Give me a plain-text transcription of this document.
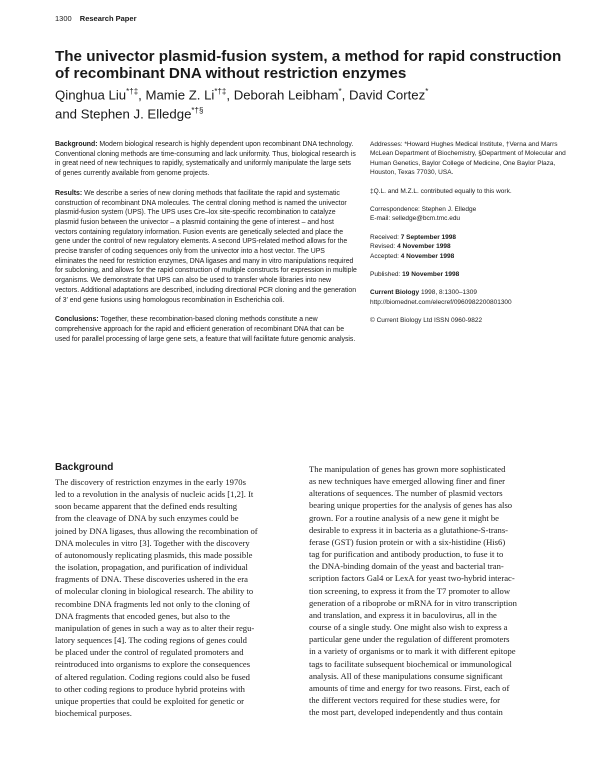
1300 Research Paper
The univector plasmid-fusion system, a method for rapid construction of recombinant DNA without restriction enzymes
Qinghua Liu*†‡, Mamie Z. Li*†‡, Deborah Leibham*, David Cortez*
and Stephen J. Elledge*†§

Background: Modern biological research is highly dependent upon recombinant DNA technology. Conventional cloning methods are time-consuming and lack uniformity. Thus, biological research is in great need of new techniques to rapidly, systematically and uniformly manipulate the large sets of genes currently available from genome projects.

Results: We describe a series of new cloning methods that facilitate the rapid and systematic construction of recombinant DNA molecules. The central cloning method is named the univector plasmid-fusion system (UPS). The UPS uses Cre–lox site-specific recombination to catalyze plasmid fusion between the univector – a plasmid containing the gene of interest – and host vectors containing regulatory information. Fusion events are genetically selected and place the gene under the control of new regulatory elements. A second UPS-related method allows for the precise transfer of coding sequences only from the univector into a host vector. The UPS eliminates the need for restriction enzymes, DNA ligases and many in vitro manipulations required for subcloning, and allows for the rapid construction of multiple constructs for expression in multiple organisms. We demonstrate that UPS can also be used to transfer whole libraries into new vectors. Additional adaptations are described, including directional PCR cloning and the generation of 3′ end gene fusions using homologous recombination in Escherichia coli.

Conclusions: Together, these recombination-based cloning methods constitute a new comprehensive approach for the rapid and efficient generation of recombinant DNA that can be used for parallel processing of large gene sets, a feature that will facilitate future genomic analysis.

Addresses: *Howard Hughes Medical Institute, †Verna and Marrs McLean Department of Biochemistry, §Department of Molecular and Human Genetics, Baylor College of Medicine, One Baylor Plaza, Houston, Texas 77030, USA.

‡Q.L. and M.Z.L. contributed equally to this work.

Correspondence: Stephen J. Elledge
E-mail: selledge@bcm.tmc.edu

Received: 7 September 1998
Revised: 4 November 1998
Accepted: 4 November 1998

Published: 19 November 1998

Current Biology 1998, 8:1300–1309
http://biomednet.com/elecref/0960982200801300

© Current Biology Ltd ISSN 0960-9822

Background
The discovery of restriction enzymes in the early 1970s
led to a revolution in the analysis of nucleic acids [1,2]. It
soon became apparent that the defined ends resulting
from the cleavage of DNA by such enzymes could be
joined by DNA ligases, thus allowing the recombination of
DNA molecules in vitro [3]. Together with the discovery
of autonomously replicating plasmids, this made possible
the isolation, propagation, and purification of individual
fragments of DNA. These discoveries ushered in the era
of molecular cloning in biological research. The ability to
recombine DNA fragments led not only to the cloning of
DNA fragments that encoded genes, but also to the
manipulation of genes in such a way as to alter their regu-
latory sequences [4]. The coding regions of genes could
be placed under the control of regulated promoters and
reintroduced into organisms to explore the consequences
of altered regulation. Coding regions could also be fused
to other coding regions to produce hybrid proteins with
unique properties that could be exploited for genetic or
biochemical purposes.
The manipulation of genes has grown more sophisticated
as new techniques have emerged allowing finer and finer
alterations of sequences. The number of plasmid vectors
bearing unique properties for the analysis of genes has also
grown. For a routine analysis of a new gene it might be
desirable to express it in bacteria as a glutathione-S-trans-
ferase (GST) fusion protein or with a six-histidine (His6)
tag for purification and antibody production, to fuse it to
the DNA-binding domain of the yeast and bacterial tran-
scription factors Gal4 or LexA for yeast two-hybrid interac-
tion screening, to express it from the T7 promoter to allow
generation of a riboprobe or mRNA for in vitro transcription
and translation, and express it in baculovirus, all in the
course of a single study. One might also wish to express a
particular gene under the regulation of different promoters
in a variety of organisms or to mark it with different epitope
tags to facilitate subsequent biochemical or immunological
analysis. All of these manipulations consume significant
amounts of time and energy for two reasons. First, each of
the different vectors required for these studies were, for
the most part, developed independently and thus contain
